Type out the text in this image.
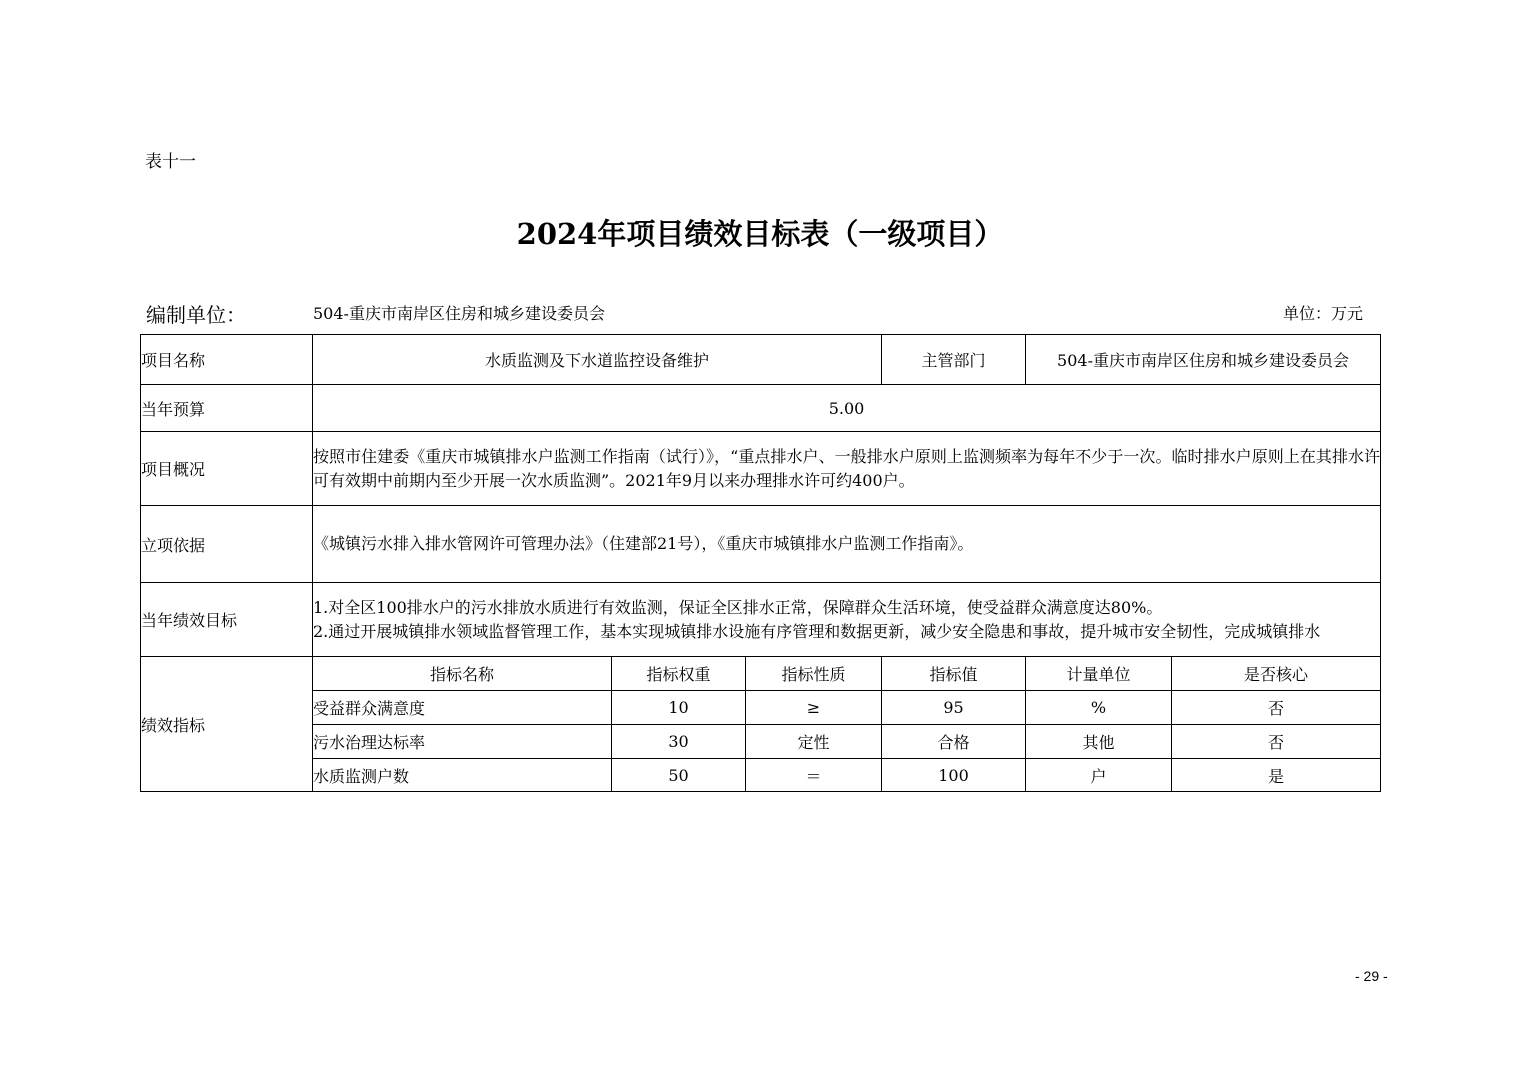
表十一
2024年项目绩效目标表（一级项目）
编制单位：	504-重庆市南岸区住房和城乡建设委员会	单位：万元
项目名称	水质监测及下水道监控设备维护			主管部门	504-重庆市南岸区住房和城乡建设委员会	
当年预算	5.00					
项目概况	按照市住建委《重庆市城镇排水户监测工作指南（试行）》，“重点排水户、一般排水户原则上监测频率为每年不少于一次。临时排水户原则上在其排水许可有效期中前期内至少开展一次水质监测”。2021年9月以来办理排水许可约400户。					
立项依据	《城镇污水排入排水管网许可管理办法》（住建部21号），《重庆市城镇排水户监测工作指南》。					
当年绩效目标	1.对全区100排水户的污水排放水质进行有效监测，保证全区排水正常，保障群众生活环境，使受益群众满意度达80%。
2.通过开展城镇排水领域监督管理工作，基本实现城镇排水设施有序管理和数据更新，减少安全隐患和事故，提升城市安全韧性，完成城镇排水					

绩效指标	指标名称	指标权重	指标性质	指标值	计量单位	是否核心
	受益群众满意度	10	≥	95	%	否
	污水治理达标率	30	定性	合格	其他	否
	水质监测户数	50	＝	100	户	是
- 29 -
